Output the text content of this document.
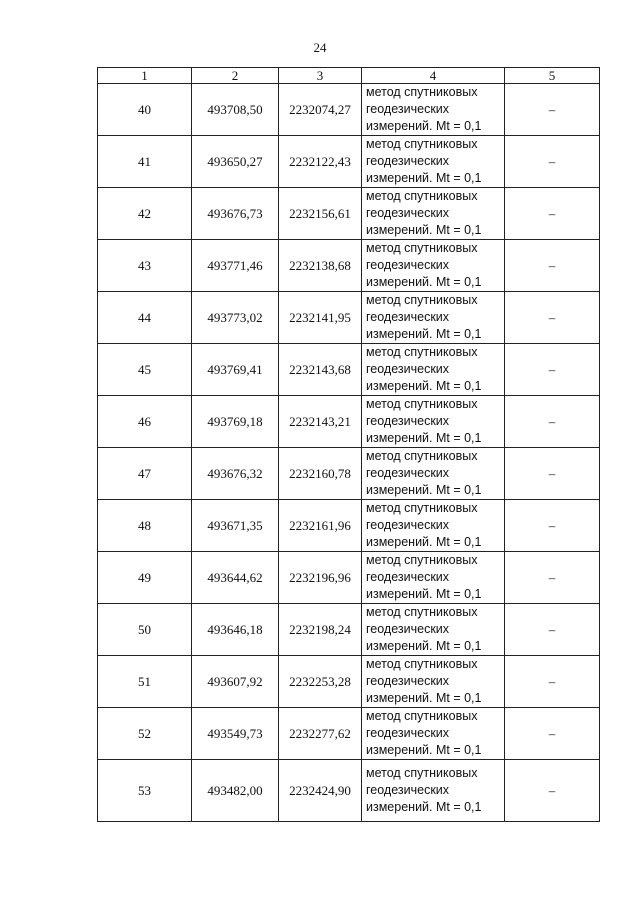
24
1	2	3	4	5
40	493708,50	2232074,27	метод спутниковых
геодезических
измерений. Mt = 0,1	–
41	493650,27	2232122,43	метод спутниковых
геодезических
измерений. Mt = 0,1	–
42	493676,73	2232156,61	метод спутниковых
геодезических
измерений. Mt = 0,1	–
43	493771,46	2232138,68	метод спутниковых
геодезических
измерений. Mt = 0,1	–
44	493773,02	2232141,95	метод спутниковых
геодезических
измерений. Mt = 0,1	–
45	493769,41	2232143,68	метод спутниковых
геодезических
измерений. Mt = 0,1	–
46	493769,18	2232143,21	метод спутниковых
геодезических
измерений. Mt = 0,1	–
47	493676,32	2232160,78	метод спутниковых
геодезических
измерений. Mt = 0,1	–
48	493671,35	2232161,96	метод спутниковых
геодезических
измерений. Mt = 0,1	–
49	493644,62	2232196,96	метод спутниковых
геодезических
измерений. Mt = 0,1	–
50	493646,18	2232198,24	метод спутниковых
геодезических
измерений. Mt = 0,1	–
51	493607,92	2232253,28	метод спутниковых
геодезических
измерений. Mt = 0,1	–
52	493549,73	2232277,62	метод спутниковых
геодезических
измерений. Mt = 0,1	–
53	493482,00	2232424,90	метод спутниковых
геодезических
измерений. Mt = 0,1	–
